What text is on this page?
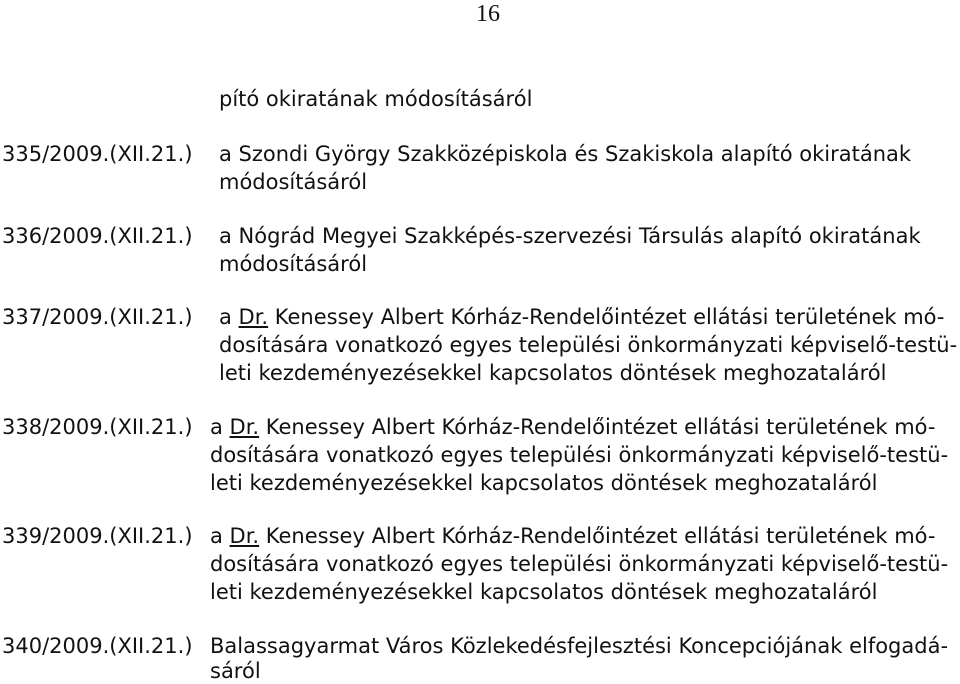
16
pító okiratának módosításáról
335/2009.(XII.21.) a Szondi György Szakközépiskola és Szakiskola alapító okiratának
módosításáról
336/2009.(XII.21.) a Nógrád Megyei Szakképés-szervezési Társulás alapító okiratának
módosításáról
337/2009.(XII.21.) a Dr. Kenessey Albert Kórház-Rendelőintézet ellátási területének mó-
dosítására vonatkozó egyes települési önkormányzati képviselő-testü-
leti kezdeményezésekkel kapcsolatos döntések meghozataláról
338/2009.(XII.21.) a Dr. Kenessey Albert Kórház-Rendelőintézet ellátási területének mó-
dosítására vonatkozó egyes települési önkormányzati képviselő-testü-
leti kezdeményezésekkel kapcsolatos döntések meghozataláról
339/2009.(XII.21.) a Dr. Kenessey Albert Kórház-Rendelőintézet ellátási területének mó-
dosítására vonatkozó egyes települési önkormányzati képviselő-testü-
leti kezdeményezésekkel kapcsolatos döntések meghozataláról
340/2009.(XII.21.) Balassagyarmat Város Közlekedésfejlesztési Koncepciójának elfogadá-
sáról
